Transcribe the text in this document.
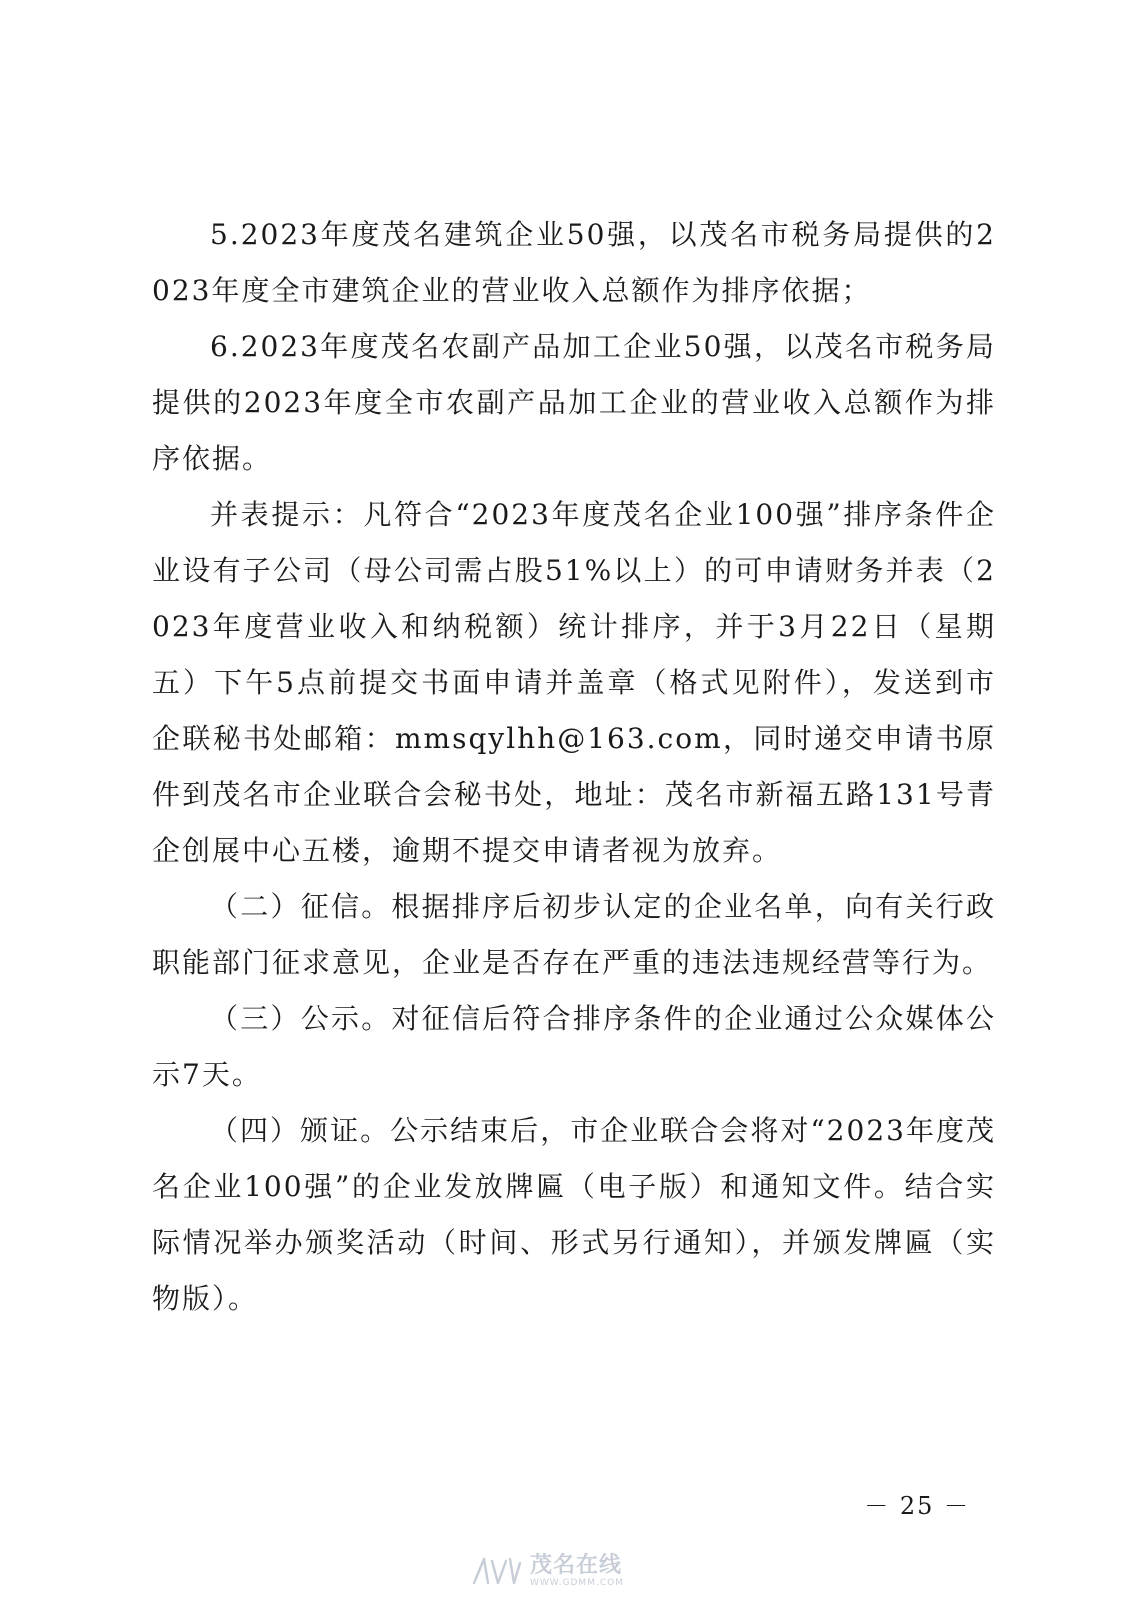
5.2023年度茂名建筑企业50强，以茂名市税务局提供的2023年度全市建筑企业的营业收入总额作为排序依据；

6.2023年度茂名农副产品加工企业50强，以茂名市税务局提供的2023年度全市农副产品加工企业的营业收入总额作为排序依据。

并表提示：凡符合“2023年度茂名企业100强”排序条件企业设有子公司（母公司需占股51%以上）的可申请财务并表（2023年度营业收入和纳税额）统计排序，并于3月22日（星期五）下午5点前提交书面申请并盖章（格式见附件），发送到市企联秘书处邮箱：mmsqylhh@163.com，同时递交申请书原件到茂名市企业联合会秘书处，地址：茂名市新福五路131号青企创展中心五楼，逾期不提交申请者视为放弃。

（二）征信。根据排序后初步认定的企业名单，向有关行政职能部门征求意见，企业是否存在严重的违法违规经营等行为。

（三）公示。对征信后符合排序条件的企业通过公众媒体公示7天。

（四）颁证。公示结束后，市企业联合会将对“2023年度茂名企业100强”的企业发放牌匾（电子版）和通知文件。结合实际情况举办颁奖活动（时间、形式另行通知），并颁发牌匾（实物版）。

－ 25 －
茂名在线
WWW.GDMM.COM
